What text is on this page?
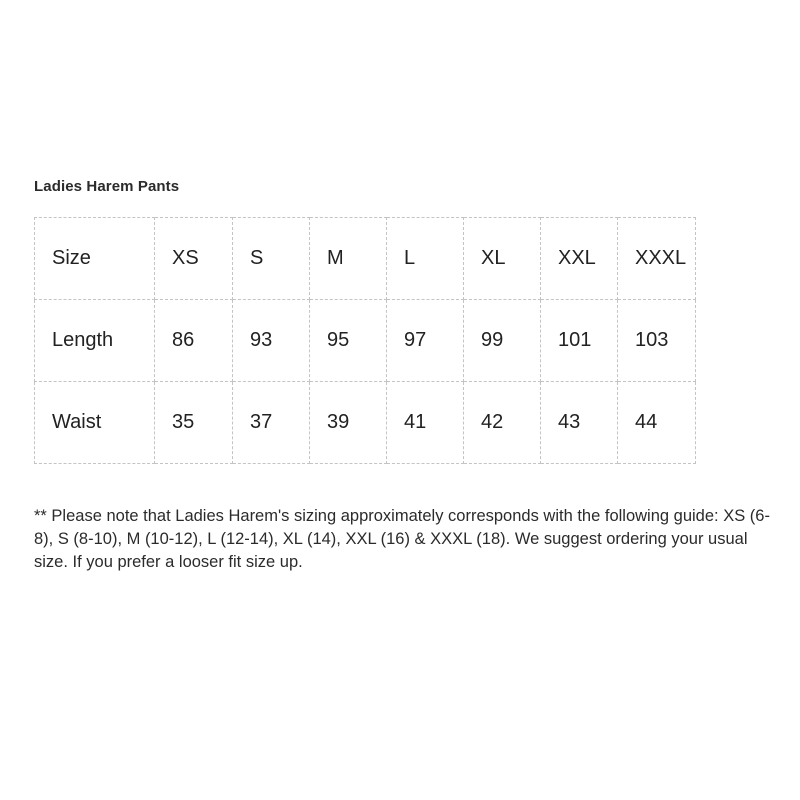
Ladies Harem Pants
Size	XS	S	M	L	XL	XXL	XXXL
Length	86	93	95	97	99	101	103
Waist	35	37	39	41	42	43	44
** Please note that Ladies Harem's sizing approximately corresponds with the following guide: XS (6-8), S (8-10), M (10-12), L (12-14), XL (14), XXL (16) & XXXL (18). We suggest ordering your usual size. If you prefer a looser fit size up.
